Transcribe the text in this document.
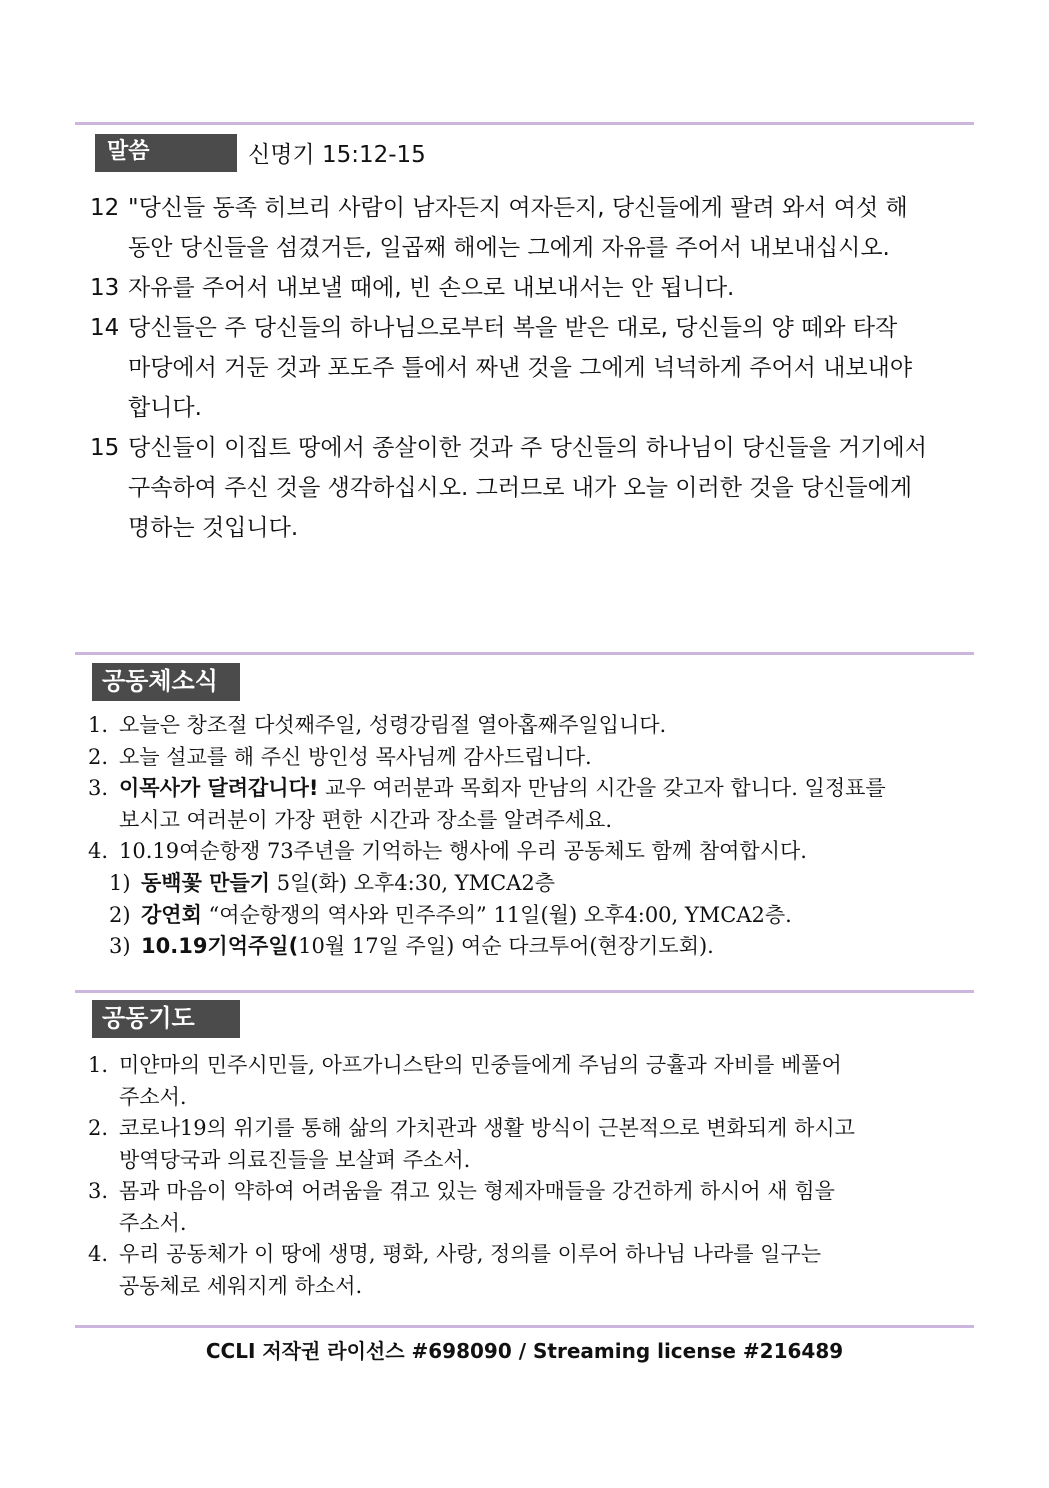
말씀	신명기 15:12-15
12 "당신들 동족 히브리 사람이 남자든지 여자든지, 당신들에게 팔려 와서 여섯 해
동안 당신들을 섬겼거든, 일곱째 해에는 그에게 자유를 주어서 내보내십시오.
13 자유를 주어서 내보낼 때에, 빈 손으로 내보내서는 안 됩니다.
14 당신들은 주 당신들의 하나님으로부터 복을 받은 대로, 당신들의 양 떼와 타작
마당에서 거둔 것과 포도주 틀에서 짜낸 것을 그에게 넉넉하게 주어서 내보내야
합니다.
15 당신들이 이집트 땅에서 종살이한 것과 주 당신들의 하나님이 당신들을 거기에서
구속하여 주신 것을 생각하십시오. 그러므로 내가 오늘 이러한 것을 당신들에게
명하는 것입니다.
공동체소식
1. 오늘은 창조절 다섯째주일, 성령강림절 열아홉째주일입니다.
2. 오늘 설교를 해 주신 방인성 목사님께 감사드립니다.
3. 이목사가 달려갑니다! 교우 여러분과 목회자 만남의 시간을 갖고자 합니다. 일정표를
보시고 여러분이 가장 편한 시간과 장소를 알려주세요.
4. 10.19여순항쟁 73주년을 기억하는 행사에 우리 공동체도 함께 참여합시다.
1) 동백꽃 만들기 5일(화) 오후4:30, YMCA2층
2) 강연회 “여순항쟁의 역사와 민주주의” 11일(월) 오후4:00, YMCA2층.
3) 10.19기억주일(10월 17일 주일) 여순 다크투어(현장기도회).
공동기도
1. 미얀마의 민주시민들, 아프가니스탄의 민중들에게 주님의 긍휼과 자비를 베풀어
주소서.
2. 코로나19의 위기를 통해 삶의 가치관과 생활 방식이 근본적으로 변화되게 하시고
방역당국과 의료진들을 보살펴 주소서.
3. 몸과 마음이 약하여 어려움을 겪고 있는 형제자매들을 강건하게 하시어 새 힘을
주소서.
4. 우리 공동체가 이 땅에 생명, 평화, 사랑, 정의를 이루어 하나님 나라를 일구는
공동체로 세워지게 하소서.
CCLI 저작권 라이선스 #698090 / Streaming license #216489
